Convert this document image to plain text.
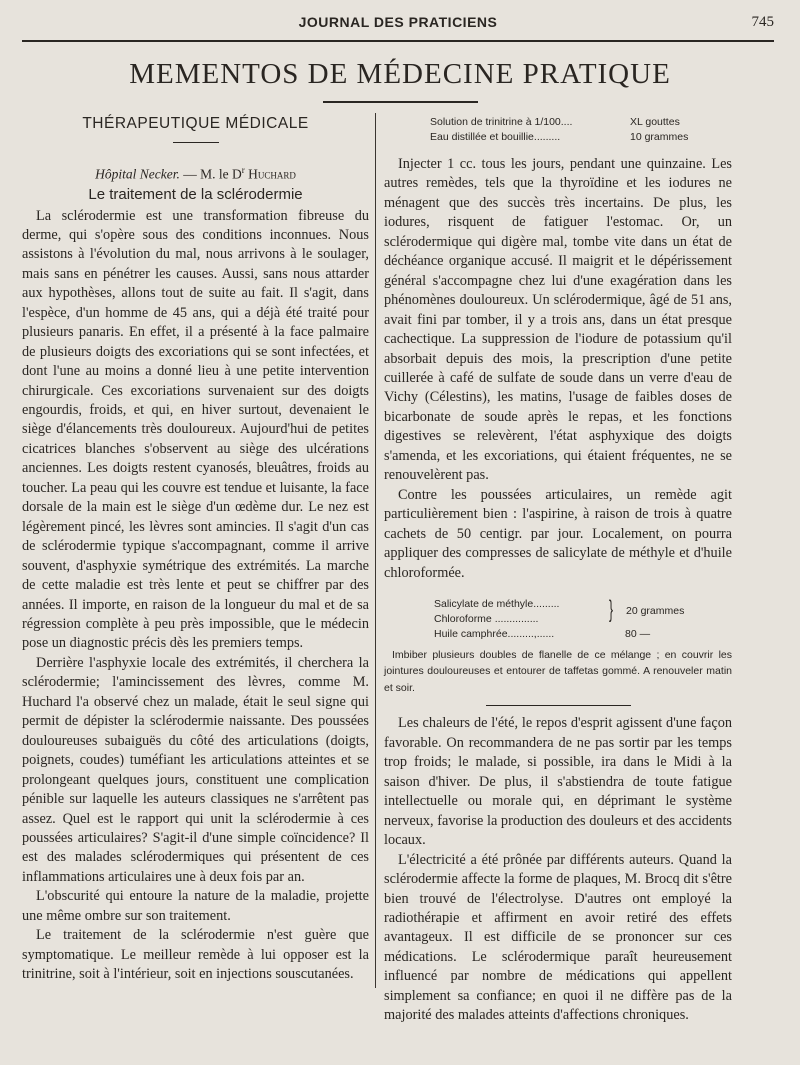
JOURNAL DES PRATICIENS	745
MEMENTOS DE MÉDECINE PRATIQUE
THÉRAPEUTIQUE MÉDICALE
Hôpital Necker. — M. le $D^r$ Huchard
Le traitement de la sclérodermie

La sclérodermie est une transformation fibreuse du derme, qui s'opère sous des conditions inconnues. Nous assistons à l'évolution du mal, nous arrivons à le soulager, mais sans en pénétrer les causes. Aussi, sans nous attarder aux hypothèses, allons tout de suite au fait. Il s'agit, dans l'espèce, d'un homme de 45 ans, qui a déjà été traité pour plusieurs panaris. En effet, il a présenté à la face palmaire de plusieurs doigts des excoriations qui se sont infectées, et dont l'une au moins a donné lieu à une petite intervention chirurgicale. Ces excoriations survenaient sur des doigts engourdis, froids, et qui, en hiver surtout, devenaient le siège d'élancements très douloureux. Aujourd'hui de petites cicatrices blanches s'observent au siège des ulcérations anciennes. Les doigts restent cyanosés, bleuâtres, froids au toucher. La peau qui les couvre est tendue et luisante, la face dorsale de la main est le siège d'un œdème dur. Le nez est légèrement pincé, les lèvres sont amincies. Il s'agit d'un cas de sclérodermie typique s'accompagnant, comme il arrive souvent, d'asphyxie symétrique des extrémités. La marche de cette maladie est très lente et peut se chiffrer par des années. Il importe, en raison de la longueur du mal et de sa régression complète à peu près impossible, que le médecin pose un diagnostic précis dès les premiers temps.

Derrière l'asphyxie locale des extrémités, il cherchera la sclérodermie; l'amincissement des lèvres, comme M. Huchard l'a observé chez un malade, était le seul signe qui permit de dépister la sclérodermie naissante. Des poussées douloureuses subaiguës du côté des articulations (doigts, poignets, coudes) tuméfiant les articulations atteintes et se prolongeant quelques jours, constituent une complication pénible sur laquelle les auteurs classiques ne s'arrêtent pas assez. Quel est le rapport qui unit la sclérodermie à ces poussées articulaires? S'agit-il d'une simple coïncidence? Il est des malades sclérodermiques qui présentent de ces inflammations articulaires une à deux fois par an.

L'obscurité qui entoure la nature de la maladie, projette une même ombre sur son traitement.

Le traitement de la sclérodermie n'est guère que symptomatique. Le meilleur remède à lui opposer est la trinitrine, soit à l'intérieur, soit en injections souscutanées.

Solution de trinitrine à 1/100....	XL gouttes
Eau distillée et bouillie.........	10 grammes

Injecter 1 cc. tous les jours, pendant une quinzaine. Les autres remèdes, tels que la thyroïdine et les iodures ne ménagent que des succès très incertains. De plus, les iodures, risquent de fatiguer l'estomac. Or, un sclérodermique qui digère mal, tombe vite dans un état de déchéance organique accusé. Il maigrit et le dépérissement général s'accompagne chez lui d'une exagération dans les phénomènes douloureux. Un sclérodermique, âgé de 51 ans, avait fini par tomber, il y a trois ans, dans un état presque cachectique. La suppression de l'iodure de potassium qu'il absorbait depuis des mois, la prescription d'une petite cuillerée à café de sulfate de soude dans un verre d'eau de Vichy (Célestins), les matins, l'usage de faibles doses de bicarbonate de soude après le repas, et les fonctions digestives se relevèrent, l'état asphyxique des doigts s'amenda, et les excoriations, qui étaient fréquentes, ne se renouvelèrent pas.

Contre les poussées articulaires, un remède agit particulièrement bien : l'aspirine, à raison de trois à quatre cachets de 50 centigr. par jour. Localement, on pourra appliquer des compresses de salicylate de méthyle et d'huile chloroformée.

Salicylate de méthyle.........
Chloroforme ...............
Huile camphrée.........,......	80 —
} 20 grammes
Imbiber plusieurs doubles de flanelle de ce mélange ; en couvrir les jointures douloureuses et entourer de taffetas gommé. A renouveler matin et soir.

Les chaleurs de l'été, le repos d'esprit agissent d'une façon favorable. On recommandera de ne pas sortir par les temps trop froids; le malade, si possible, ira dans le Midi à la saison d'hiver. De plus, il s'abstiendra de toute fatigue intellectuelle ou morale qui, en déprimant le système nerveux, favorise la production des douleurs et des accidents locaux.

L'électricité a été prônée par différents auteurs. Quand la sclérodermie affecte la forme de plaques, M. Brocq dit s'être bien trouvé de l'électrolyse. D'autres ont employé la radiothérapie et affirment en avoir retiré des effets avantageux. Il est difficile de se prononcer sur ces médications. Le sclérodermique paraît heureusement influencé par nombre de médications qui appellent simplement sa confiance; en quoi il ne diffère pas de la majorité des malades atteints d'affections chroniques.
